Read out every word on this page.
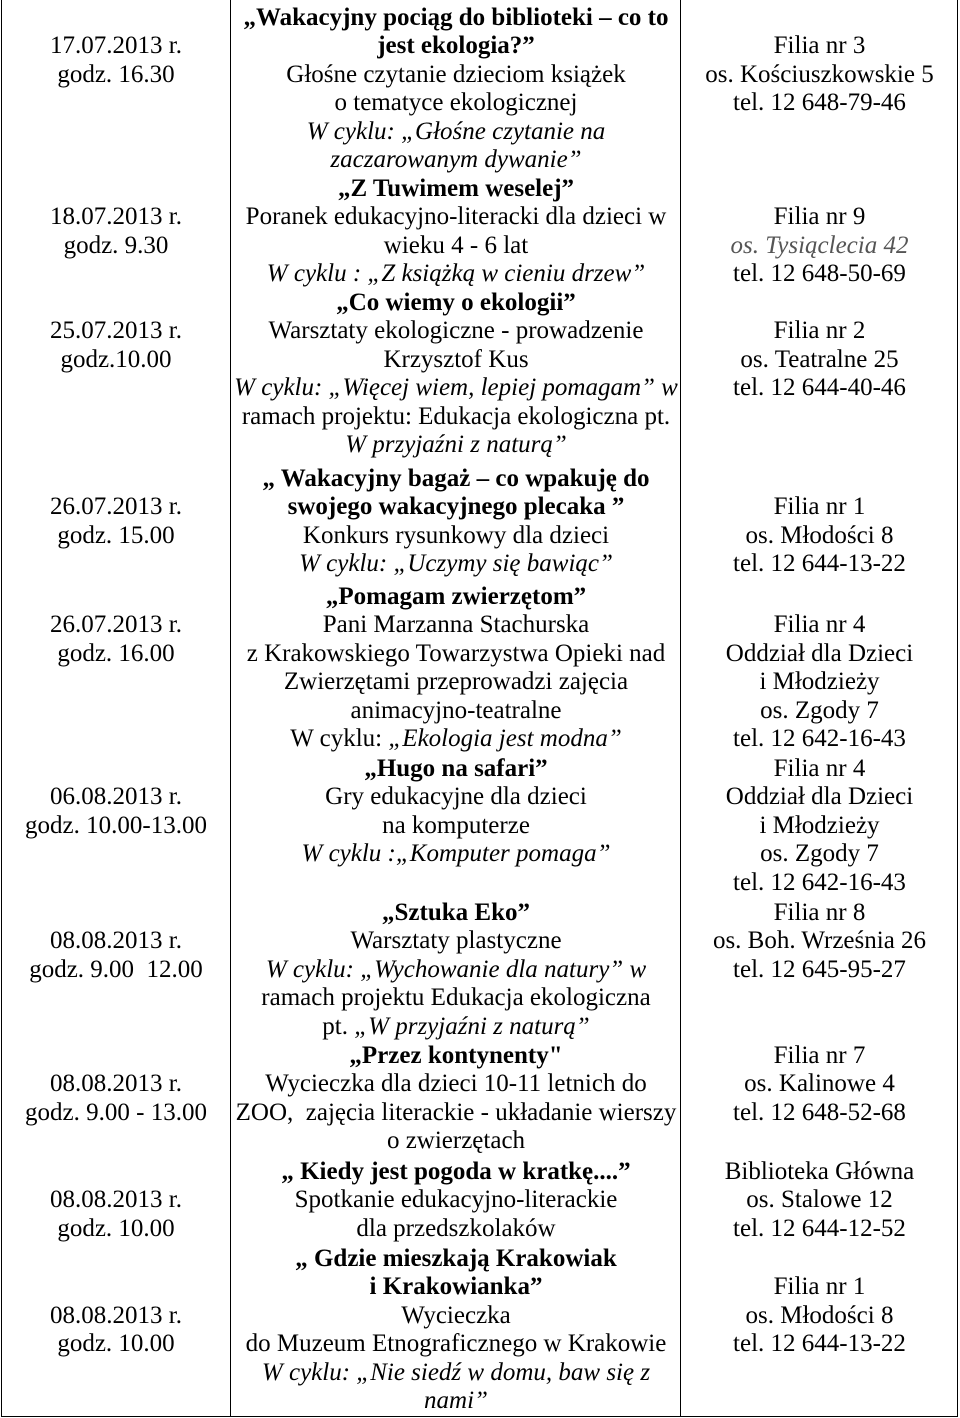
17.07.2013 r.
godz. 16.30
„Wakacyjny pociąg do biblioteki – co to
jest ekologia?”
Głośne czytanie dzieciom książek
o tematyce ekologicznej
W cyklu: „Głośne czytanie na
zaczarowanym dywanie”
Filia nr 3
os. Kościuszkowskie 5
tel. 12 648-79-46
18.07.2013 r.
godz. 9.30
„Z Tuwimem weselej”
Poranek edukacyjno-literacki dla dzieci w
wieku 4 - 6 lat
W cyklu : „Z książką w cieniu drzew”
Filia nr 9
os. Tysiąclecia 42
tel. 12 648-50-69
25.07.2013 r.
godz.10.00
„Co wiemy o ekologii”
Warsztaty ekologiczne - prowadzenie
Krzysztof Kus
W cyklu: „Więcej wiem, lepiej pomagam” w
ramach projektu: Edukacja ekologiczna pt.
W przyjaźni z naturą”
Filia nr 2
os. Teatralne 25
tel. 12 644-40-46
26.07.2013 r.
godz. 15.00
„ Wakacyjny bagaż – co wpakuję do
swojego wakacyjnego plecaka ”
Konkurs rysunkowy dla dzieci
W cyklu: „Uczymy się bawiąc”
Filia nr 1
os. Młodości 8
tel. 12 644-13-22
26.07.2013 r.
godz. 16.00
„Pomagam zwierzętom”
Pani Marzanna Stachurska
z Krakowskiego Towarzystwa Opieki nad
Zwierzętami przeprowadzi zajęcia
animacyjno-teatralne
W cyklu: „Ekologia jest modna”
Filia nr 4
Oddział dla Dzieci
i Młodzieży
os. Zgody 7
tel. 12 642-16-43
06.08.2013 r.
godz. 10.00-13.00
„Hugo na safari”
Gry edukacyjne dla dzieci
na komputerze
W cyklu :„Komputer pomaga”
Filia nr 4
Oddział dla Dzieci
i Młodzieży
os. Zgody 7
tel. 12 642-16-43
08.08.2013 r.
godz. 9.00  12.00
„Sztuka Eko”
Warsztaty plastyczne
W cyklu: „Wychowanie dla natury” w
ramach projektu Edukacja ekologiczna
pt. „W przyjaźni z naturą”
Filia nr 8
os. Boh. Września 26
tel. 12 645-95-27
08.08.2013 r.
godz. 9.00 - 13.00
„Przez kontynenty"
Wycieczka dla dzieci 10-11 letnich do
ZOO,  zajęcia literackie - układanie wierszy
o zwierzętach
Filia nr 7
os. Kalinowe 4
tel. 12 648-52-68
08.08.2013 r.
godz. 10.00
„ Kiedy jest pogoda w kratkę....”
Spotkanie edukacyjno-literackie
dla przedszkolaków
Biblioteka Główna
os. Stalowe 12
tel. 12 644-12-52
08.08.2013 r.
godz. 10.00
„ Gdzie mieszkają Krakowiak
i Krakowianka”
Wycieczka
do Muzeum Etnograficznego w Krakowie
W cyklu: „Nie siedź w domu, baw się z
nami”
Filia nr 1
os. Młodości 8
tel. 12 644-13-22
